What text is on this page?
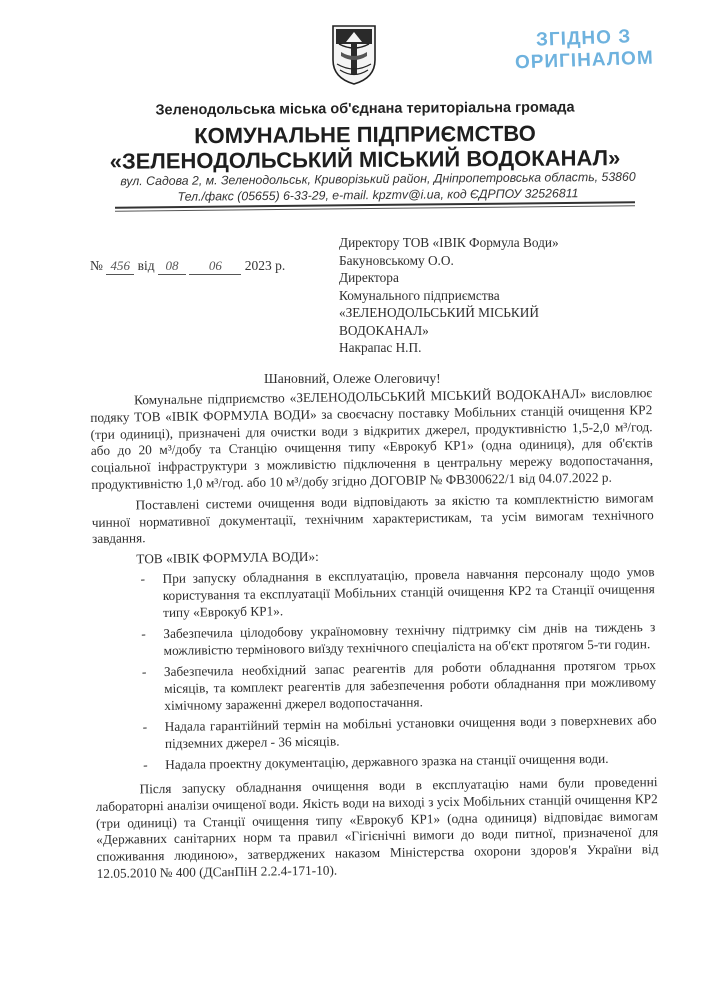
ЗГІДНО З
ОРИГІНАЛОМ
Зеленодольська міська об'єднана територіальна громада
КОМУНАЛЬНЕ ПІДПРИЄМСТВО
«ЗЕЛЕНОДОЛЬСЬКИЙ МІСЬКИЙ ВОДОКАНАЛ»
вул. Садова 2, м. Зеленодольськ, Криворізький район, Дніпропетровська область, 53860
Тел./факс (05655) 6-33-29, e-mail. kpzmv@i.ua, код ЄДРПОУ 32526811
№ 456 від 08 06 2023 р.
Директору ТОВ «ІВІК Формула Води»
Бакуновському О.О.
Директора
Комунального підприємства
«ЗЕЛЕНОДОЛЬСЬКИЙ МІСЬКИЙ
ВОДОКАНАЛ»
Накрапас Н.П.
Шановний, Олеже Олеговичу!

Комунальне підприємство «ЗЕЛЕНОДОЛЬСЬКИЙ МІСЬКИЙ ВОДОКАНАЛ» висловлює подяку ТОВ «ІВІК ФОРМУЛА ВОДИ» за своєчасну поставку Мобільних станцій очищення КР2 (три одиниці), призначені для очистки води з відкритих джерел, продуктивністю 1,5-2,0 м³/год. або до 20 м³/добу та Станцію очищення типу «Еврокуб КР1» (одна одиниця), для об'єктів соціальної інфраструктури з можливістю підключення в центральну мережу водопостачання, продуктивністю 1,0 м³/год. або 10 м³/добу згідно ДОГОВІР № ФВ300622/1 від 04.07.2022 р.

Поставлені системи очищення води відповідають за якістю та комплектністю вимогам чинної нормативної документації, технічним характеристикам, та усім вимогам технічного завдання.

ТОВ «ІВІК ФОРМУЛА ВОДИ»:
- При запуску обладнання в експлуатацію, провела навчання персоналу щодо умов користування та експлуатації Мобільних станцій очищення КР2 та Станції очищення типу «Еврокуб КР1».
- Забезпечила цілодобову україномовну технічну підтримку сім днів на тиждень з можливістю термінового виїзду технічного спеціаліста на об'єкт протягом 5-ти годин.
- Забезпечила необхідний запас реагентів для роботи обладнання протягом трьох місяців, та комплект реагентів для забезпечення роботи обладнання при можливому хімічному зараженні джерел водопостачання.
- Надала гарантійний термін на мобільні установки очищення води з поверхневих або підземних джерел - 36 місяців.
- Надала проектну документацію, державного зразка на станції очищення води.

Після запуску обладнання очищення води в експлуатацію нами були проведенні лабораторні аналізи очищеної води. Якість води на виході з усіх Мобільних станцій очищення КР2 (три одиниці) та Станції очищення типу «Еврокуб КР1» (одна одиниця) відповідає вимогам «Державних санітарних норм та правил «Гігієнічні вимоги до води питної, призначеної для споживання людиною», затверджених наказом Міністерства охорони здоров'я України від 12.05.2010 № 400 (ДСанПіН 2.2.4-171-10).
